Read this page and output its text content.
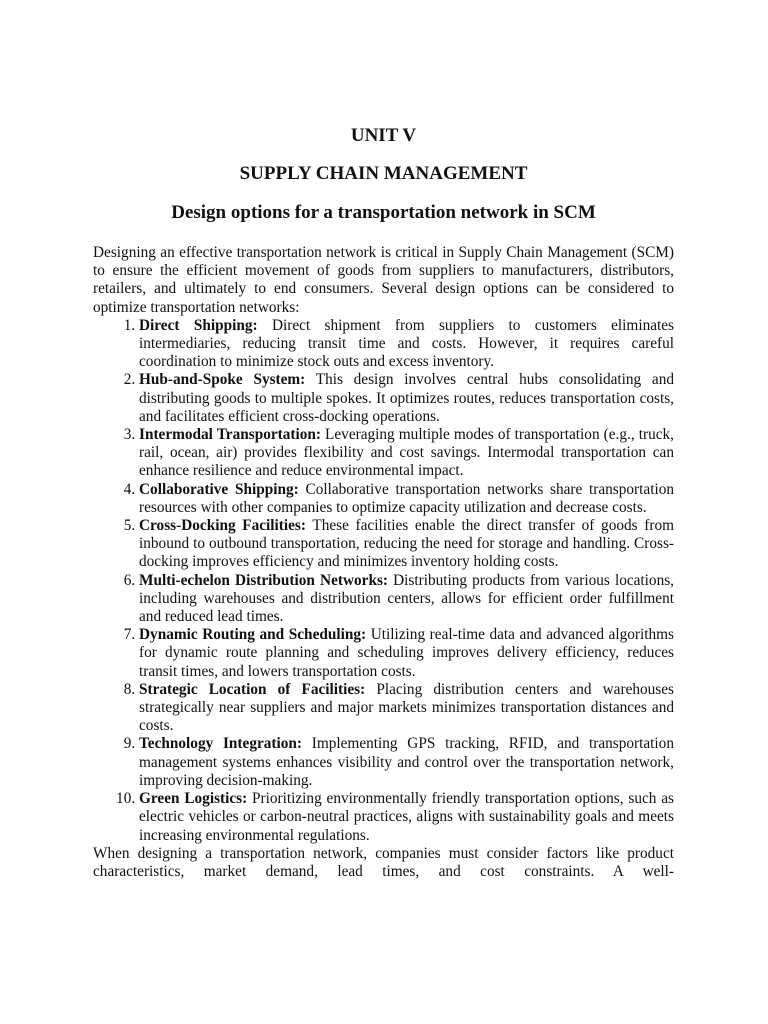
UNIT V
SUPPLY CHAIN MANAGEMENT
Design options for a transportation network in SCM

Designing an effective transportation network is critical in Supply Chain Management (SCM) to ensure the efficient movement of goods from suppliers to manufacturers, distributors, retailers, and ultimately to end consumers. Several design options can be considered to optimize transportation networks:

1. Direct Shipping: Direct shipment from suppliers to customers eliminates intermediaries, reducing transit time and costs. However, it requires careful coordination to minimize stock outs and excess inventory.
2. Hub-and-Spoke System: This design involves central hubs consolidating and distributing goods to multiple spokes. It optimizes routes, reduces transportation costs, and facilitates efficient cross-docking operations.
3. Intermodal Transportation: Leveraging multiple modes of transportation (e.g., truck, rail, ocean, air) provides flexibility and cost savings. Intermodal transportation can enhance resilience and reduce environmental impact.
4. Collaborative Shipping: Collaborative transportation networks share transportation resources with other companies to optimize capacity utilization and decrease costs.
5. Cross-Docking Facilities: These facilities enable the direct transfer of goods from inbound to outbound transportation, reducing the need for storage and handling. Cross-docking improves efficiency and minimizes inventory holding costs.
6. Multi-echelon Distribution Networks: Distributing products from various locations, including warehouses and distribution centers, allows for efficient order fulfillment and reduced lead times.
7. Dynamic Routing and Scheduling: Utilizing real-time data and advanced algorithms for dynamic route planning and scheduling improves delivery efficiency, reduces transit times, and lowers transportation costs.
8. Strategic Location of Facilities: Placing distribution centers and warehouses strategically near suppliers and major markets minimizes transportation distances and costs.
9. Technology Integration: Implementing GPS tracking, RFID, and transportation management systems enhances visibility and control over the transportation network, improving decision-making.
10. Green Logistics: Prioritizing environmentally friendly transportation options, such as electric vehicles or carbon-neutral practices, aligns with sustainability goals and meets increasing environmental regulations.

When designing a transportation network, companies must consider factors like product characteristics, market demand, lead times, and cost constraints. A well-
